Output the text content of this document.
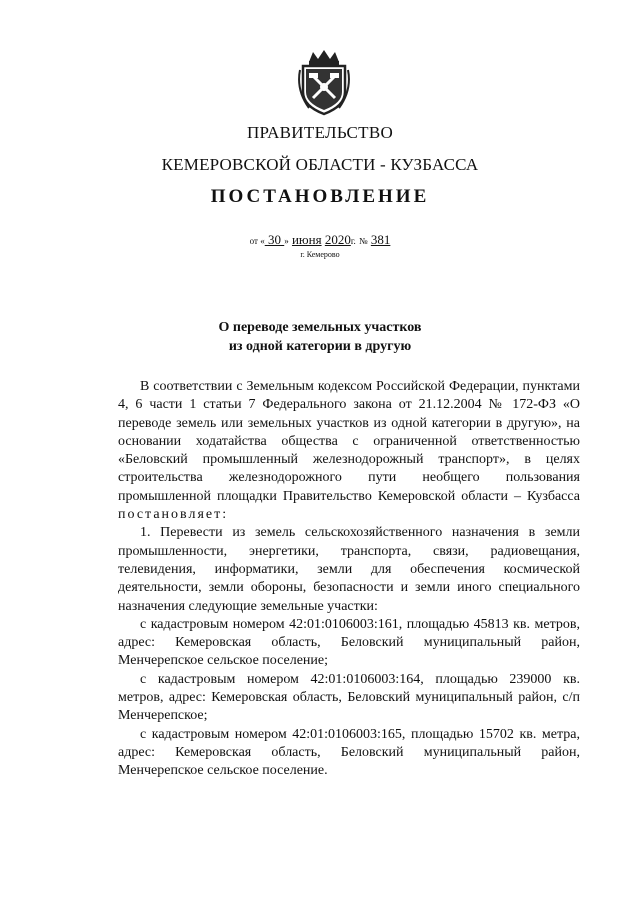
ПРАВИТЕЛЬСТВО
КЕМЕРОВСКОЙ ОБЛАСТИ - КУЗБАССА
ПОСТАНОВЛЕНИЕ
от « 30 » июня 2020г. № 381
г. Кемерово
О переводе земельных участков
из одной категории в другую

В соответствии с Земельным кодексом Российской Федерации, пунктами 4, 6 части 1 статьи 7 Федерального закона от 21.12.2004 № 172-ФЗ «О переводе земель или земельных участков из одной категории в другую», на основании ходатайства общества с ограниченной ответственностью «Беловский промышленный железнодорожный транспорт», в целях строительства железнодорожного пути необщего пользования промышленной площадки Правительство Кемеровской области – Кузбасса постановляет:

1. Перевести из земель сельскохозяйственного назначения в земли промышленности, энергетики, транспорта, связи, радиовещания, телевидения, информатики, земли для обеспечения космической деятельности, земли обороны, безопасности и земли иного специального назначения следующие земельные участки:

с кадастровым номером 42:01:0106003:161, площадью 45813 кв. метров, адрес: Кемеровская область, Беловский муниципальный район, Менчерепское сельское поселение;

с кадастровым номером 42:01:0106003:164, площадью 239000 кв. метров, адрес: Кемеровская область, Беловский муниципальный район, с/п Менчерепское;

с кадастровым номером 42:01:0106003:165, площадью 15702 кв. метра, адрес: Кемеровская область, Беловский муниципальный район, Менчерепское сельское поселение.
